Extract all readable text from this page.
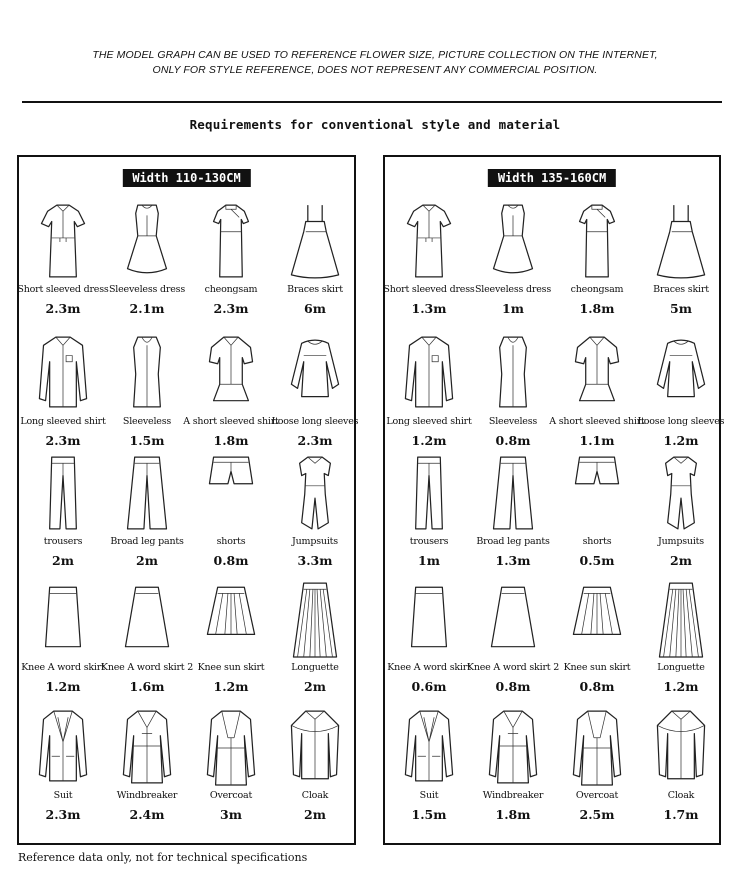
THE MODEL GRAPH CAN BE USED TO REFERENCE FLOWER SIZE, PICTURE COLLECTION ON THE INTERNET,
ONLY FOR STYLE REFERENCE, DOES NOT REPRESENT ANY COMMERCIAL POSITION.
Requirements for conventional style and material
Width 110-130CM
Short sleeved dress
2.3m
Sleeveless dress
2.1m
cheongsam
2.3m
Braces skirt
6m
Long sleeved shirt
2.3m
Sleeveless
1.5m
A short sleeved shirt
1.8m
Loose long sleeves
2.3m
trousers
2m
Broad leg pants
2m
shorts
0.8m
Jumpsuits
3.3m
Knee A word skirt
1.2m
Knee A word skirt 2
1.6m
Knee sun skirt
1.2m
Longuette
2m
Suit
2.3m
Windbreaker
2.4m
Overcoat
3m
Cloak
2m
Width 135-160CM
Short sleeved dress
1.3m
Sleeveless dress
1m
cheongsam
1.8m
Braces skirt
5m
Long sleeved shirt
1.2m
Sleeveless
0.8m
A short sleeved shirt
1.1m
Loose long sleeves
1.2m
trousers
1m
Broad leg pants
1.3m
shorts
0.5m
Jumpsuits
2m
Knee A word skirt
0.6m
Knee A word skirt 2
0.8m
Knee sun skirt
0.8m
Longuette
1.2m
Suit
1.5m
Windbreaker
1.8m
Overcoat
2.5m
Cloak
1.7m
Reference data only, not for technical specifications
